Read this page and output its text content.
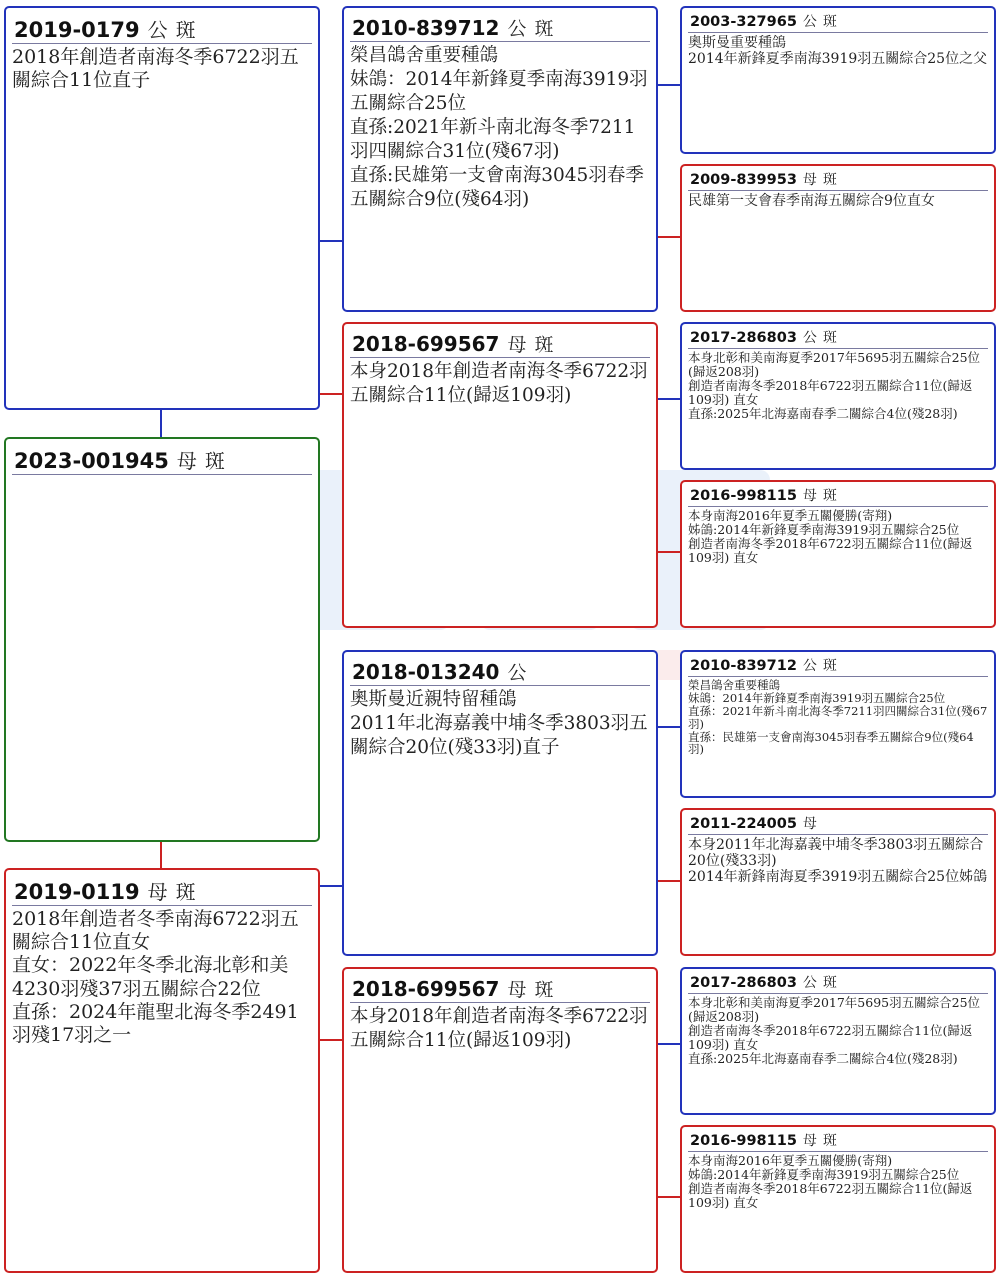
2019-0179 公 斑
2018年創造者南海冬季6722羽五關綜合11位直子
2023-001945 母 斑
2019-0119 母 斑
2018年創造者冬季南海6722羽五關綜合11位直女
直女：2022年冬季北海北彰和美4230羽殘37羽五關綜合22位
直孫：2024年龍聖北海冬季2491羽殘17羽之一
2010-839712 公 斑
榮昌鴿舍重要種鴿
妹鴿：2014年新鋒夏季南海3919羽五關綜合25位
直孫:2021年新斗南北海冬季7211羽四關綜合31位(殘67羽)
直孫:民雄第一支會南海3045羽春季五關綜合9位(殘64羽)
2018-699567 母 斑
本身2018年創造者南海冬季6722羽五關綜合11位(歸返109羽)
2018-013240 公
奧斯曼近親特留種鴿
2011年北海嘉義中埔冬季3803羽五關綜合20位(殘33羽)直子
2018-699567 母 斑
本身2018年創造者南海冬季6722羽五關綜合11位(歸返109羽)
2003-327965 公 斑
奧斯曼重要種鴿
2014年新鋒夏季南海3919羽五關綜合25位之父
2009-839953 母 斑
民雄第一支會春季南海五關綜合9位直女
2017-286803 公 斑
本身北彰和美南海夏季2017年5695羽五關綜合25位(歸返208羽)
創造者南海冬季2018年6722羽五關綜合11位(歸返109羽) 直女
直孫:2025年北海嘉南春季二關綜合4位(殘28羽)
2016-998115 母 斑
本身南海2016年夏季五關優勝(寄翔)
姊鴿:2014年新鋒夏季南海3919羽五關綜合25位
創造者南海冬季2018年6722羽五關綜合11位(歸返109羽) 直女
2010-839712 公 斑
榮昌鴿舍重要種鴿
妹鴿：2014年新鋒夏季南海3919羽五關綜合25位
直孫：2021年新斗南北海冬季7211羽四關綜合31位(殘67羽)
直孫：民雄第一支會南海3045羽春季五關綜合9位(殘64羽)
2011-224005 母
本身2011年北海嘉義中埔冬季3803羽五關綜合20位(殘33羽)
2014年新鋒南海夏季3919羽五關綜合25位姊鴿
2017-286803 公 斑
本身北彰和美南海夏季2017年5695羽五關綜合25位(歸返208羽)
創造者南海冬季2018年6722羽五關綜合11位(歸返109羽) 直女
直孫:2025年北海嘉南春季二關綜合4位(殘28羽)
2016-998115 母 斑
本身南海2016年夏季五關優勝(寄翔)
姊鴿:2014年新鋒夏季南海3919羽五關綜合25位
創造者南海冬季2018年6722羽五關綜合11位(歸返109羽) 直女
